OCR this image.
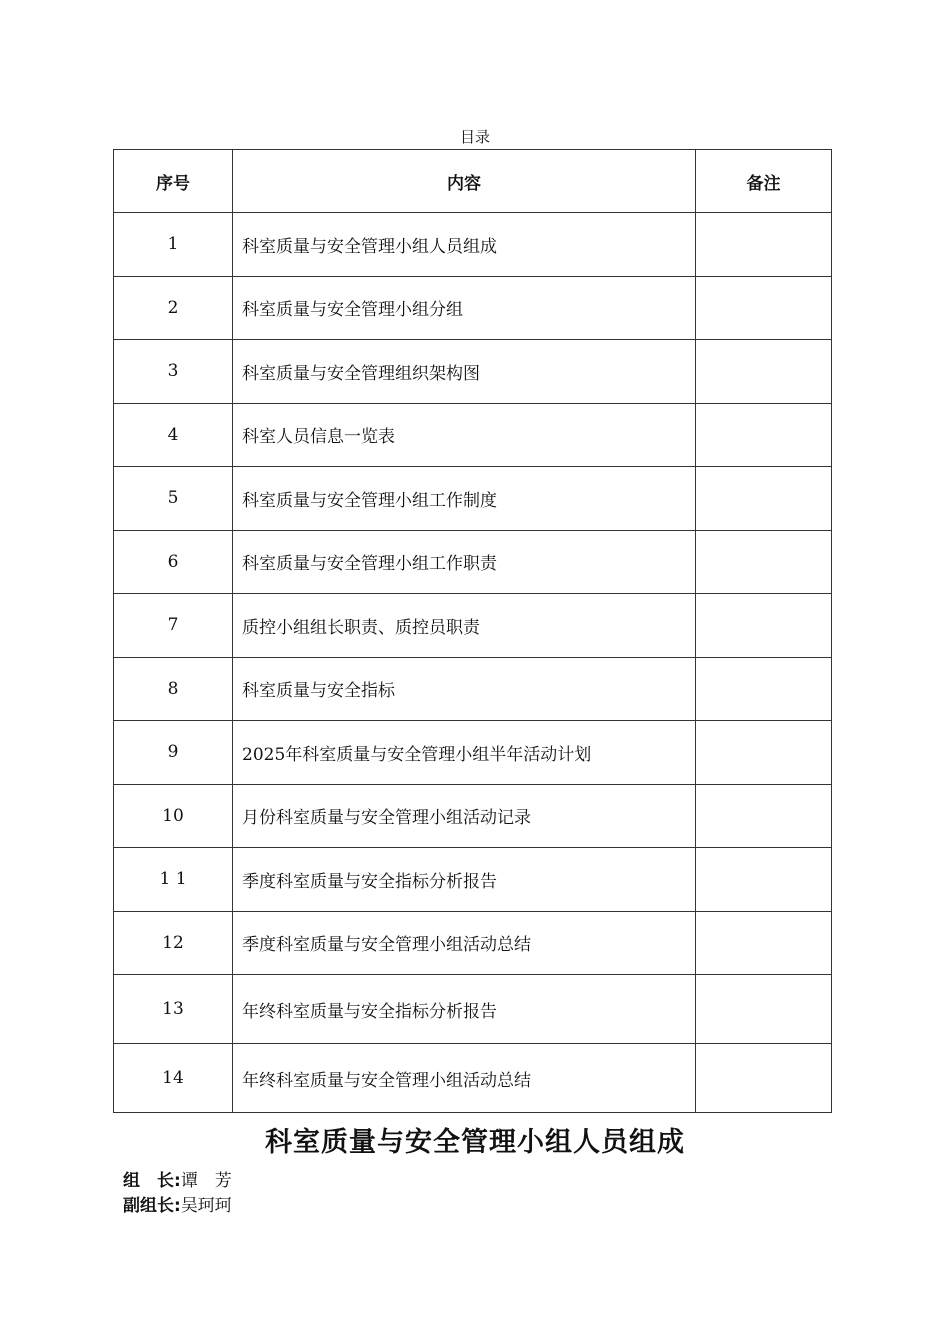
目录
序号	内容	备注
1	科室质量与安全管理小组人员组成	
2	科室质量与安全管理小组分组	
3	科室质量与安全管理组织架构图	
4	科室人员信息一览表	
5	科室质量与安全管理小组工作制度	
6	科室质量与安全管理小组工作职责	
7	质控小组组长职责、质控员职责	
8	科室质量与安全指标	
9	2025年科室质量与安全管理小组半年活动计划	
10	月份科室质量与安全管理小组活动记录	
1 1	季度科室质量与安全指标分析报告	
12	季度科室质量与安全管理小组活动总结	
13	年终科室质量与安全指标分析报告	
14	年终科室质量与安全管理小组活动总结	
科室质量与安全管理小组人员组成
组　长:谭　芳
副组长:吴珂珂
